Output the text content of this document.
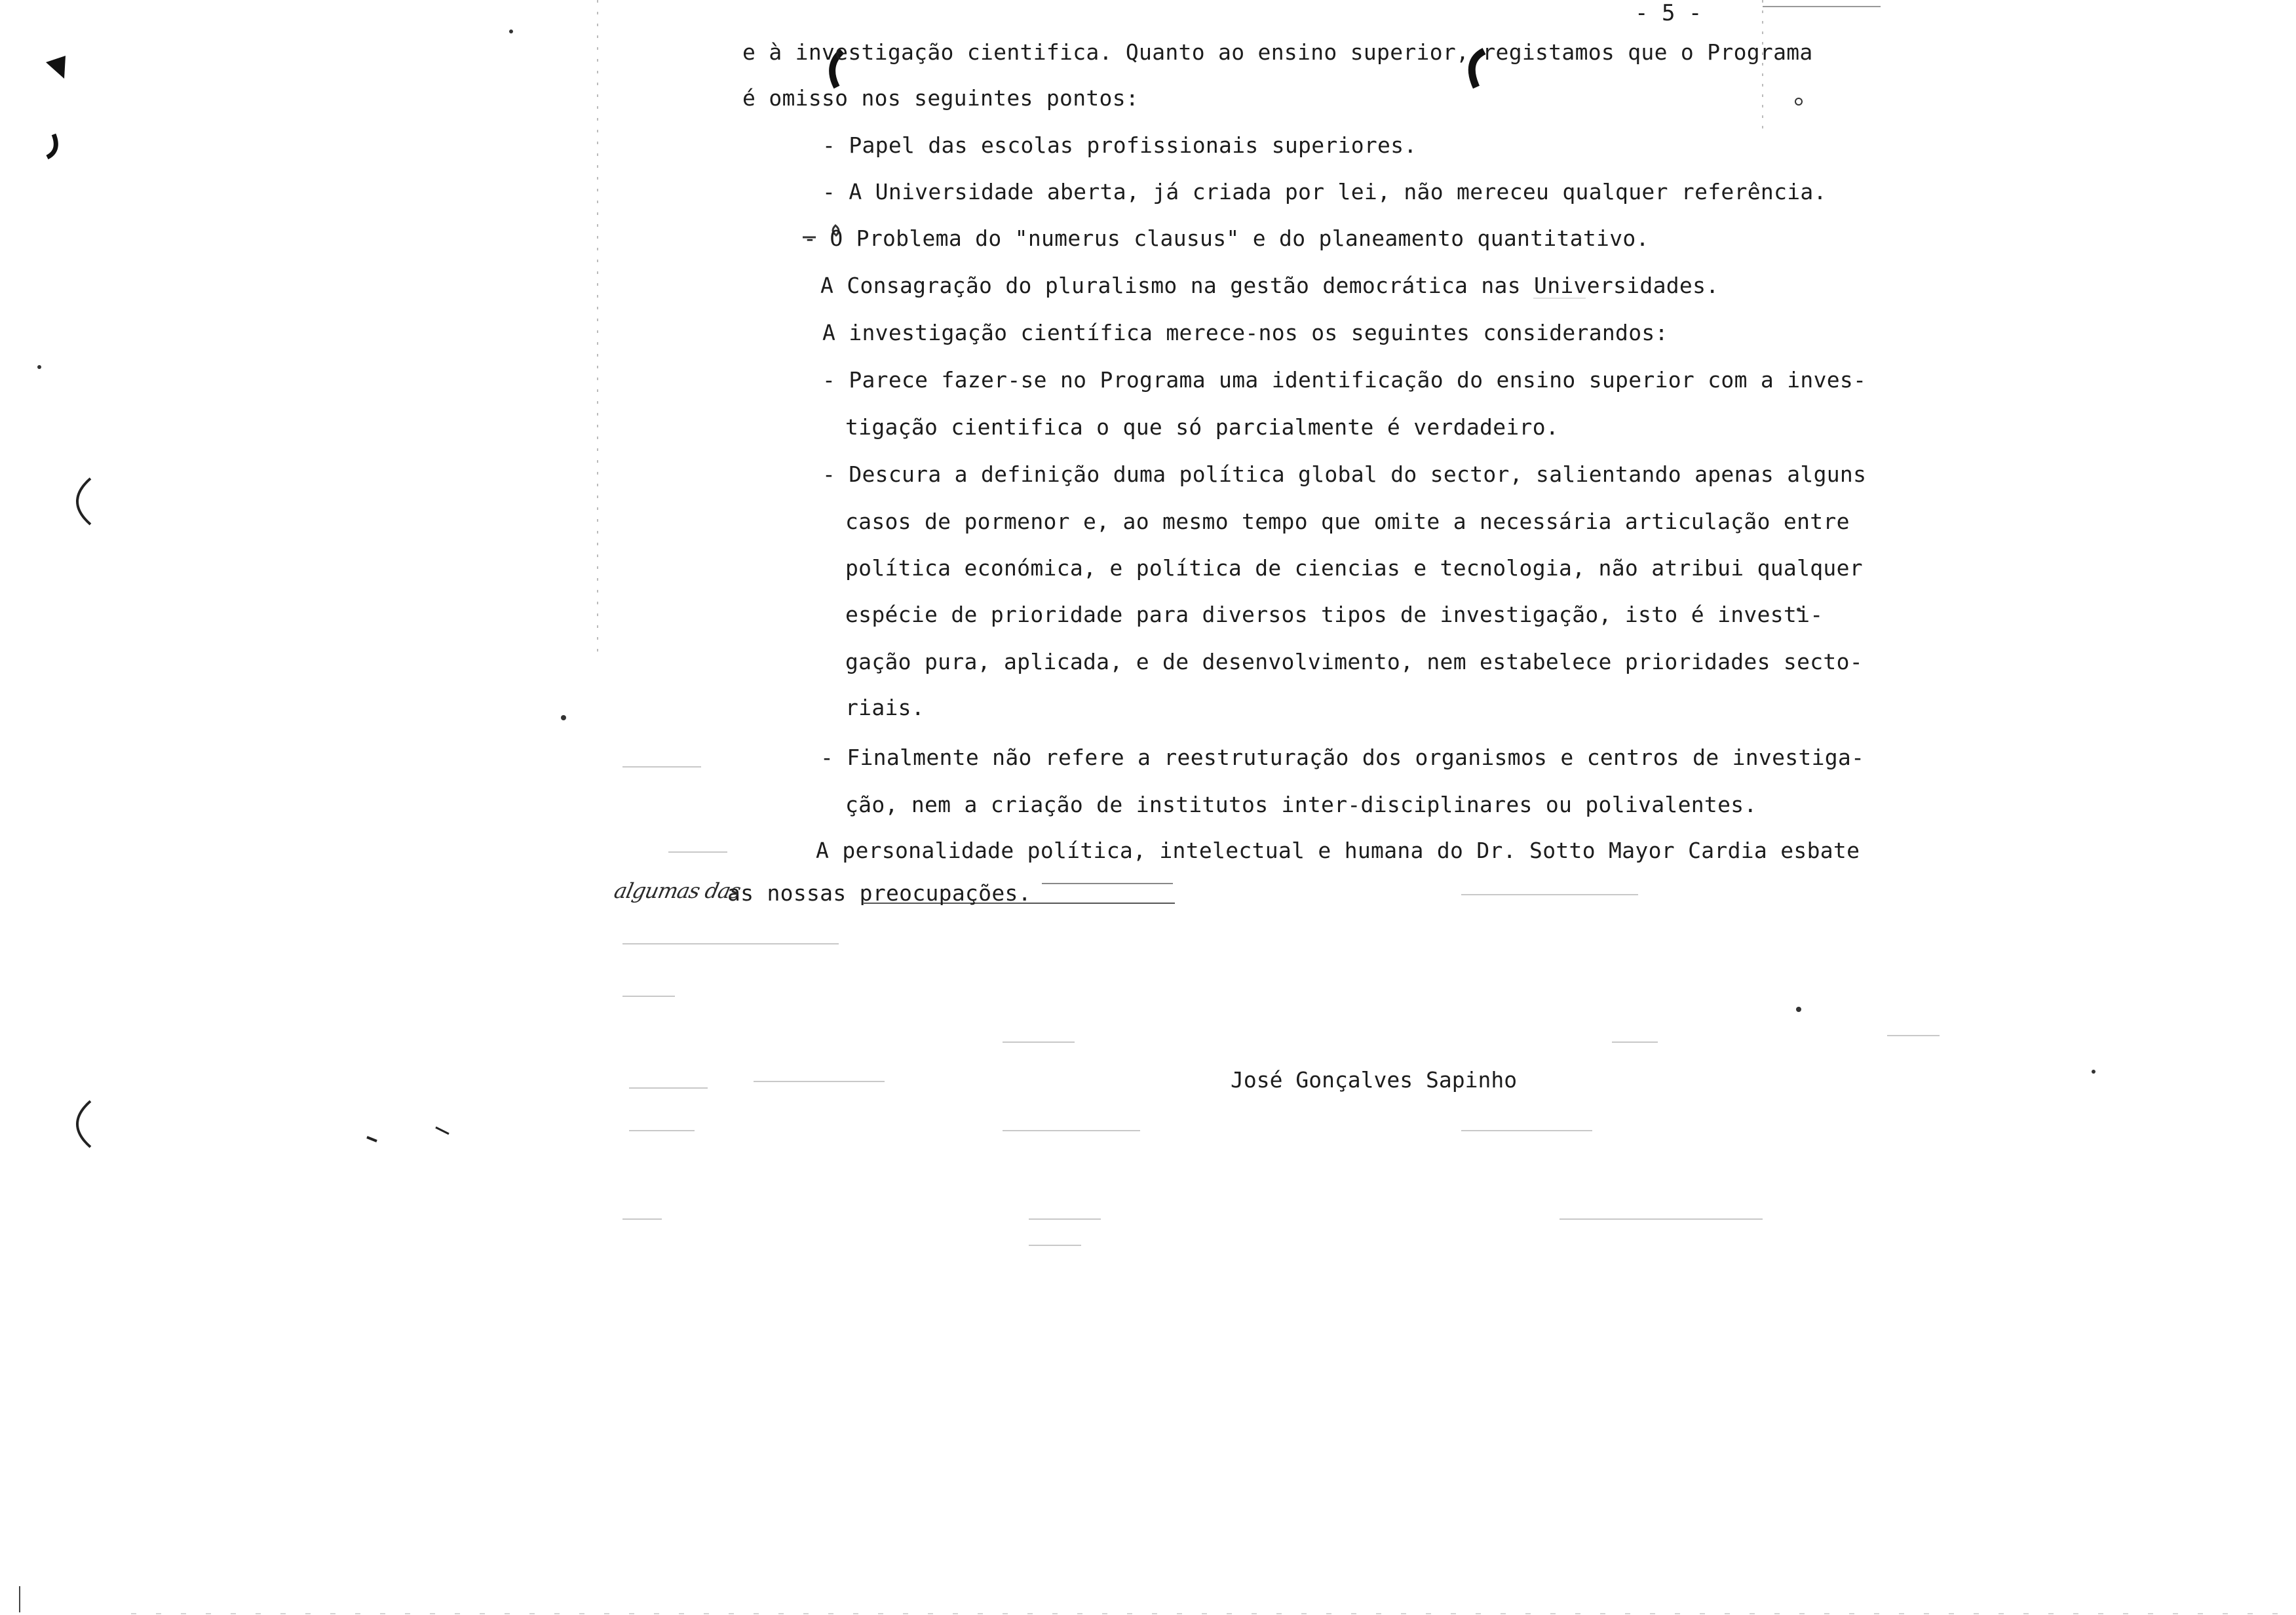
- 5 -
e à investigação cientifica. Quanto ao ensino superior, registamos que o Programa
é omisso nos seguintes pontos:
- Papel das escolas profissionais superiores.
- A Universidade aberta, já criada por lei, não mereceu qualquer referência.
- O Problema do "numerus clausus" e do planeamento quantitativo.
A Consagração do pluralismo na gestão democrática nas Universidades.
A investigação científica merece-nos os seguintes considerandos:
- Parece fazer-se no Programa uma identificação do ensino superior com a inves-
tigação cientifica o que só parcialmente é verdadeiro.
- Descura a definição duma política global do sector, salientando apenas alguns
casos de pormenor e, ao mesmo tempo que omite a necessária articulação entre
política económica, e política de ciencias e tecnologia, não atribui qualquer
espécie de prioridade para diversos tipos de investigação, isto é investi-
gação pura, aplicada, e de desenvolvimento, nem estabelece prioridades secto-
riais.
- Finalmente não refere a reestruturação dos organismos e centros de investiga-
ção, nem a criação de institutos inter-disciplinares ou polivalentes.
A personalidade política, intelectual e humana do Dr. Sotto Mayor Cardia esbate
as nossas preocupações.
algumas das
José Gonçalves Sapinho
